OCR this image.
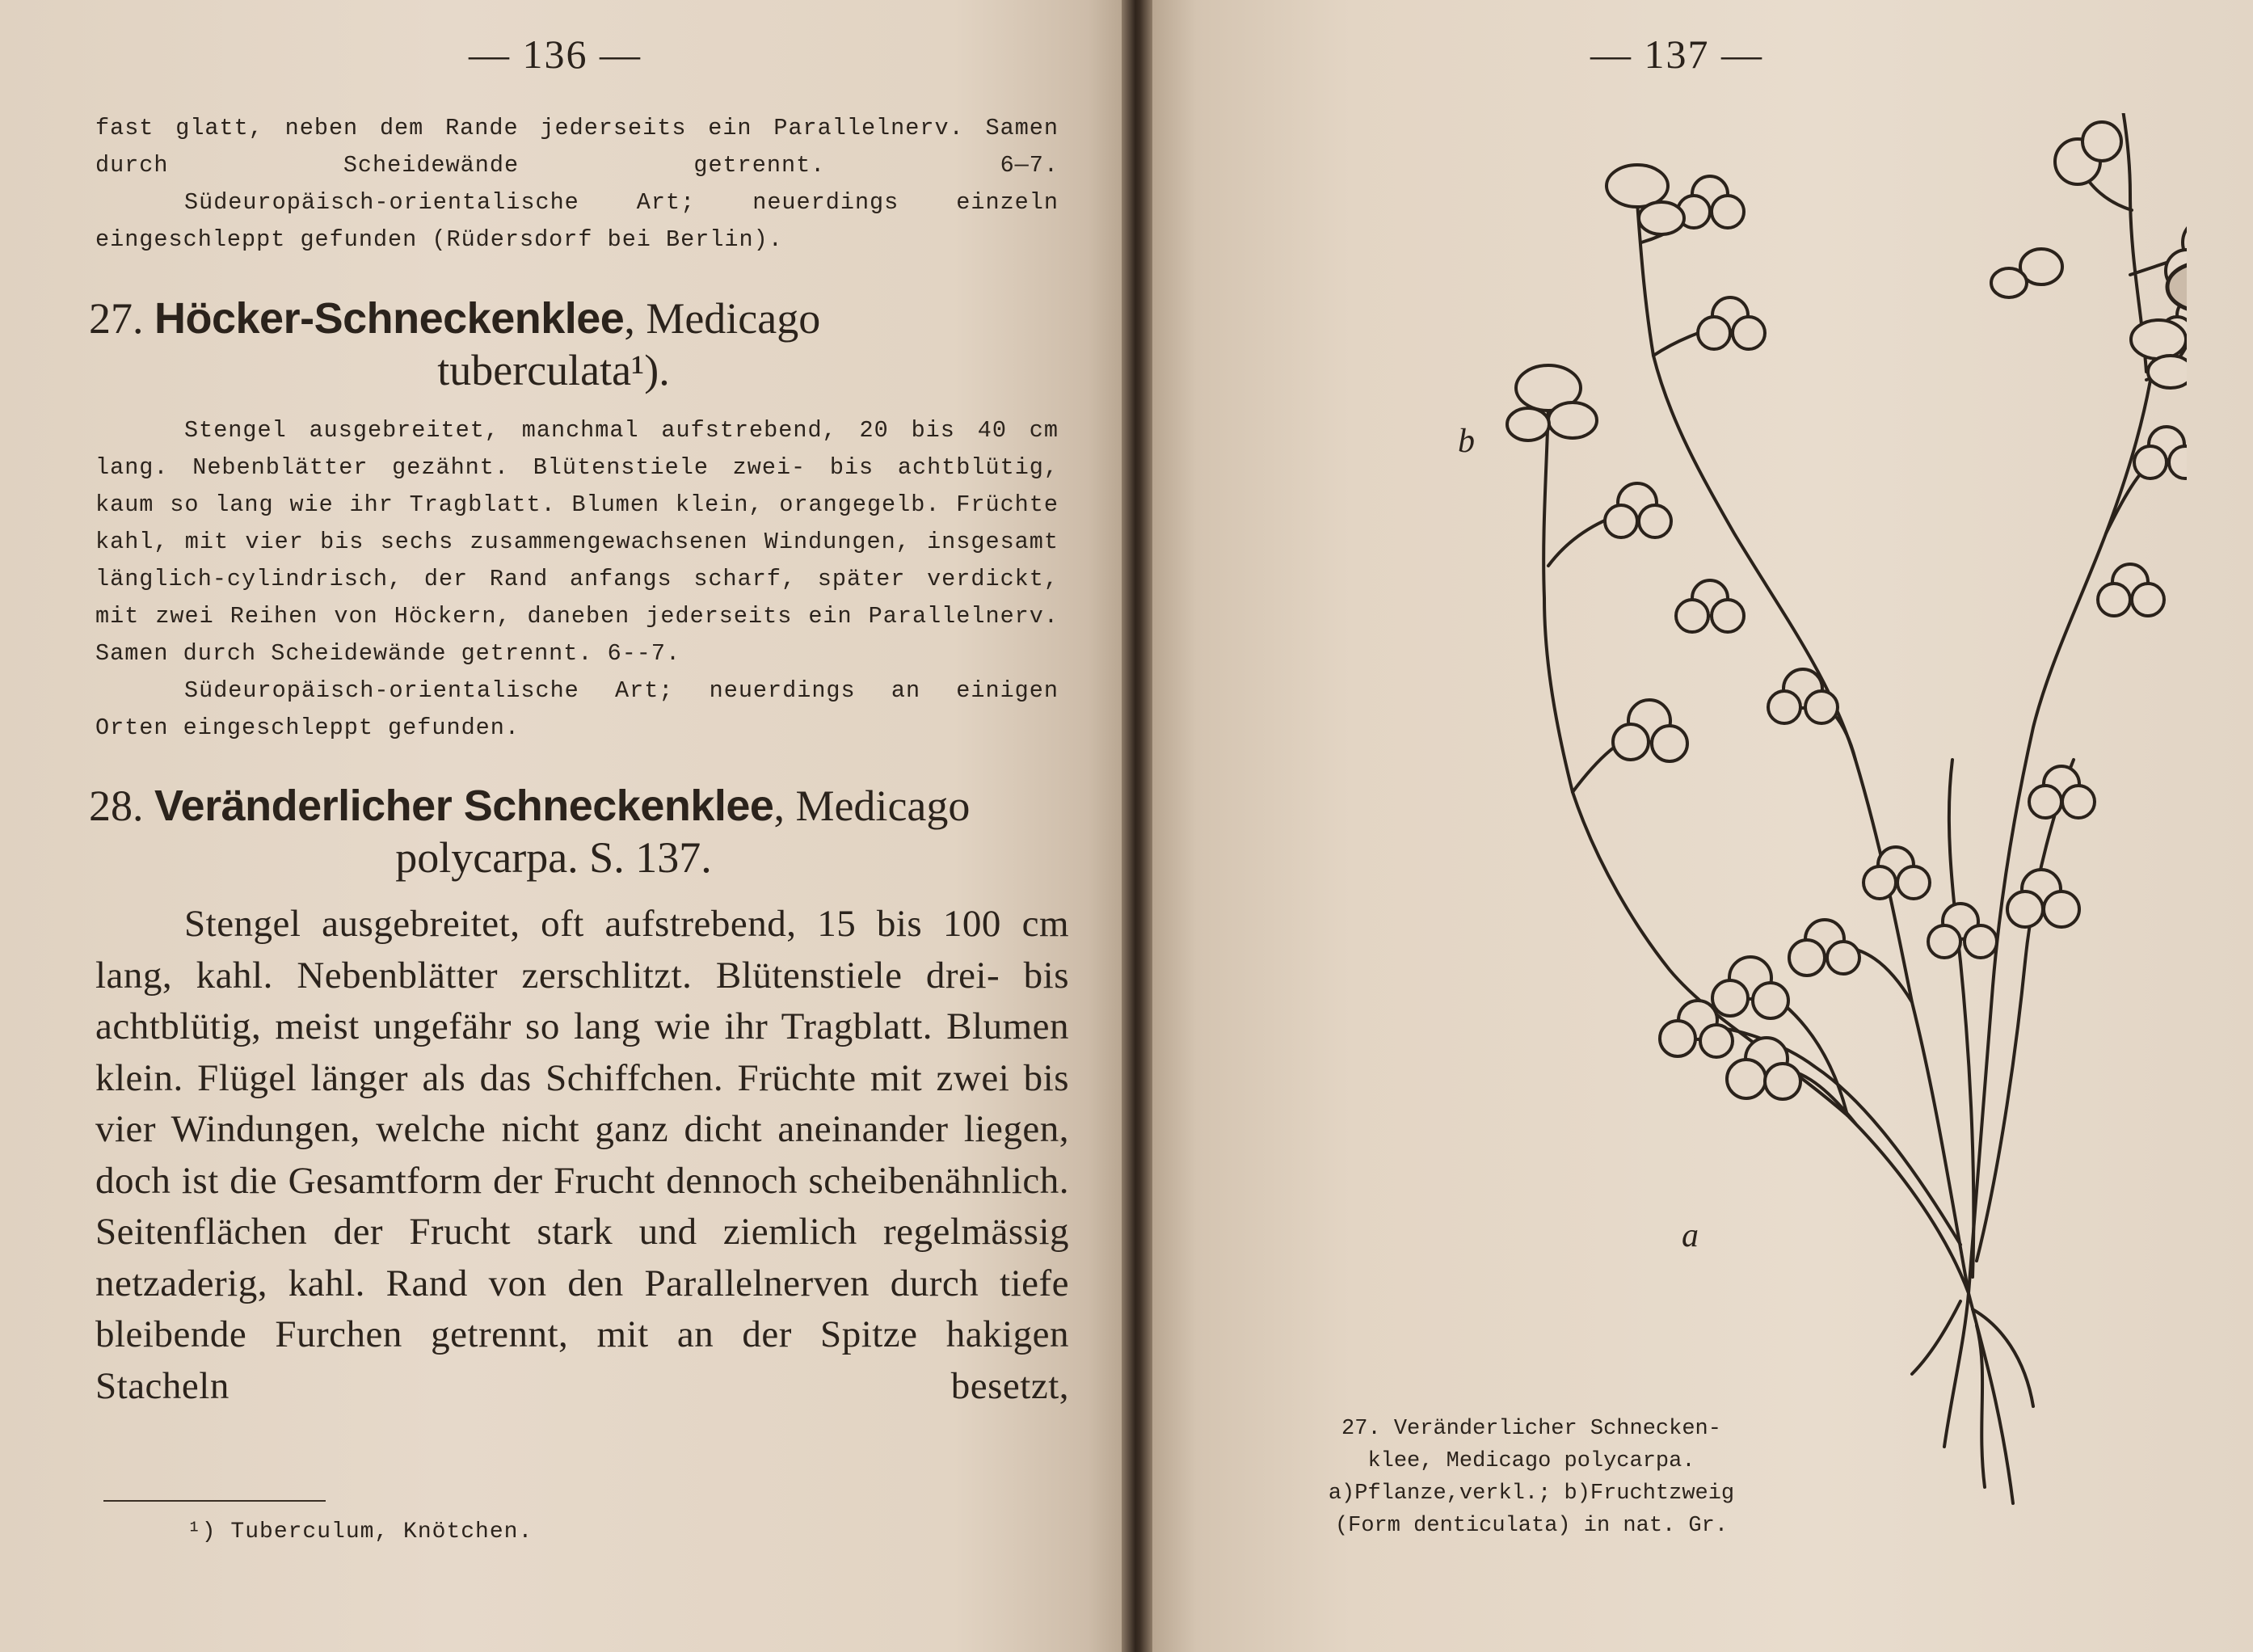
— 136 —

fast glatt, neben dem Rande jederseits ein Parallelnerv. Samen durch Scheidewände getrennt. 6—7.

Südeuropäisch-orientalische Art; neuerdings einzeln eingeschleppt gefunden (Rüdersdorf bei Berlin).

27. Höcker-Schneckenklee, Medicago
tuberculata¹).

Stengel ausgebreitet, manchmal aufstrebend, 20 bis 40 cm lang. Nebenblätter gezähnt. Blütenstiele zwei- bis achtblütig, kaum so lang wie ihr Tragblatt. Blumen klein, orangegelb. Früchte kahl, mit vier bis sechs zusammengewachsenen Windungen, insgesamt länglich-cylindrisch, der Rand anfangs scharf, später verdickt, mit zwei Reihen von Höckern, daneben jederseits ein Parallelnerv. Samen durch Scheidewände getrennt. 6--7.

Südeuropäisch-orientalische Art; neuerdings an einigen Orten eingeschleppt gefunden.

28. Veränderlicher Schneckenklee, Medicago
polycarpa. S. 137.

Stengel ausgebreitet, oft aufstrebend, 15 bis 100 cm lang, kahl. Nebenblätter zerschlitzt. Blütenstiele drei- bis achtblütig, meist ungefähr so lang wie ihr Tragblatt. Blumen klein. Flügel länger als das Schiffchen. Früchte mit zwei bis vier Windungen, welche nicht ganz dicht aneinander liegen, doch ist die Gesamtform der Frucht dennoch scheibenähnlich. Seitenflächen der Frucht stark und ziemlich regelmässig netzaderig, kahl. Rand von den Parallelnerven durch tiefe bleibende Furchen getrennt, mit an der Spitze hakigen Stacheln besetzt,

¹) Tuberculum, Knötchen.
— 137 —
b
a
27. Veränderlicher Schnecken-
klee, Medicago polycarpa.
a)Pflanze,verkl.; b)Fruchtzweig
(Form denticulata) in nat. Gr.
